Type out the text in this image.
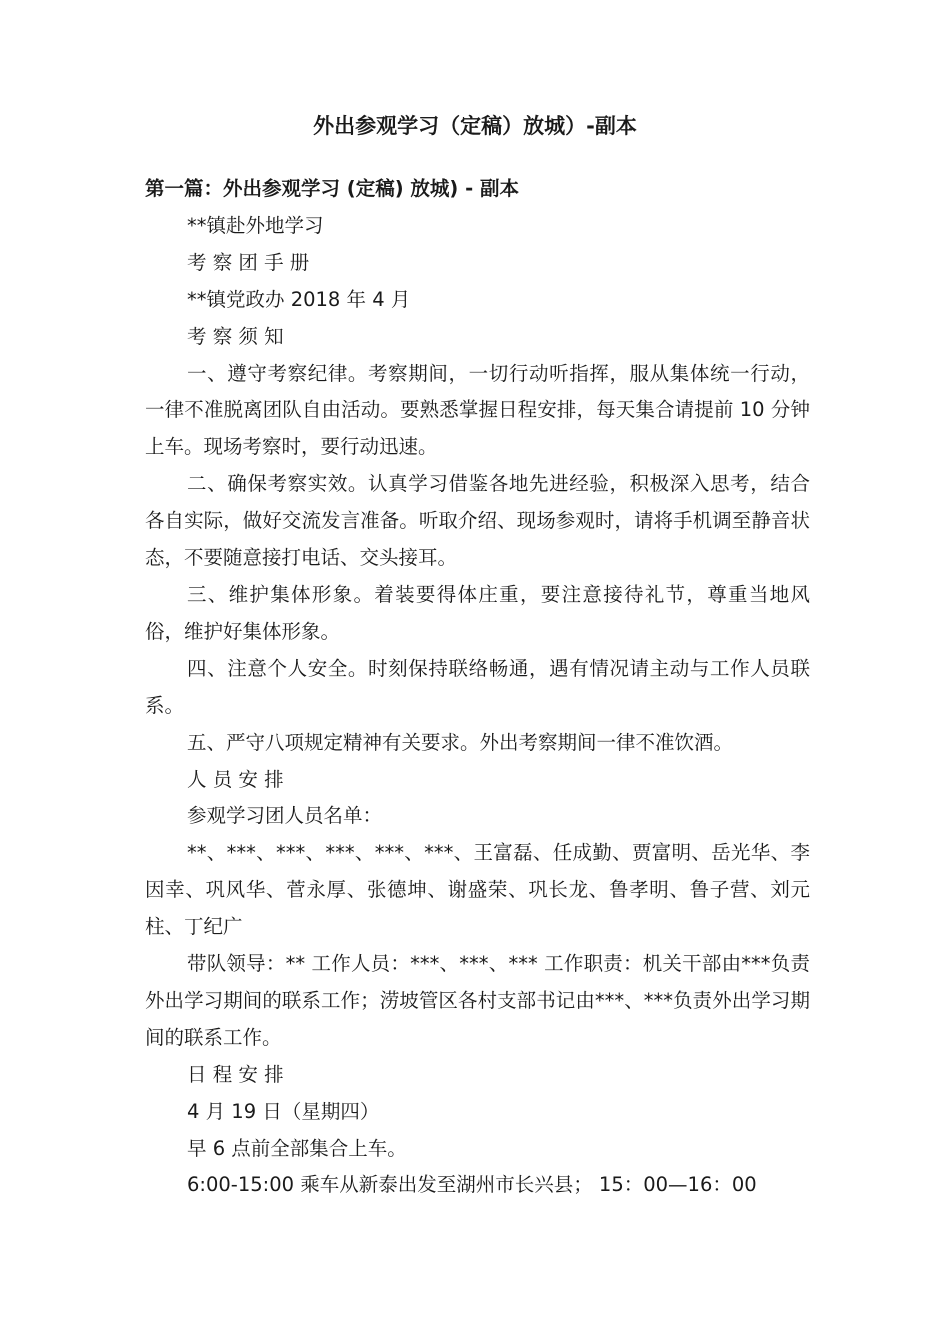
外出参观学习（定稿）放城）-副本

第一篇：外出参观学习 (定稿) 放城) - 副本

**镇赴外地学习

考 察 团 手 册

**镇党政办 2018 年 4 月

考 察 须 知

一、遵守考察纪律。考察期间，一切行动听指挥，服从集体统一行动，一律不准脱离团队自由活动。要熟悉掌握日程安排，每天集合请提前 10 分钟上车。现场考察时，要行动迅速。

二、确保考察实效。认真学习借鉴各地先进经验，积极深入思考，结合各自实际，做好交流发言准备。听取介绍、现场参观时，请将手机调至静音状态，不要随意接打电话、交头接耳。

三、维护集体形象。着装要得体庄重，要注意接待礼节，尊重当地风俗，维护好集体形象。

四、注意个人安全。时刻保持联络畅通，遇有情况请主动与工作人员联系。

五、严守八项规定精神有关要求。外出考察期间一律不准饮酒。

人 员 安 排

参观学习团人员名单：

**、***、***、***、***、***、王富磊、任成勤、贾富明、岳光华、李因幸、巩风华、菅永厚、张德坤、谢盛荣、巩长龙、鲁孝明、鲁子营、刘元柱、丁纪广

带队领导：** 工作人员：***、***、*** 工作职责：机关干部由***负责外出学习期间的联系工作；涝坡管区各村支部书记由***、***负责外出学习期间的联系工作。

日 程 安 排

4 月 19 日（星期四）

早 6 点前全部集合上车。

6:00-15:00 乘车从新泰出发至湖州市长兴县； 15：00—16：00
